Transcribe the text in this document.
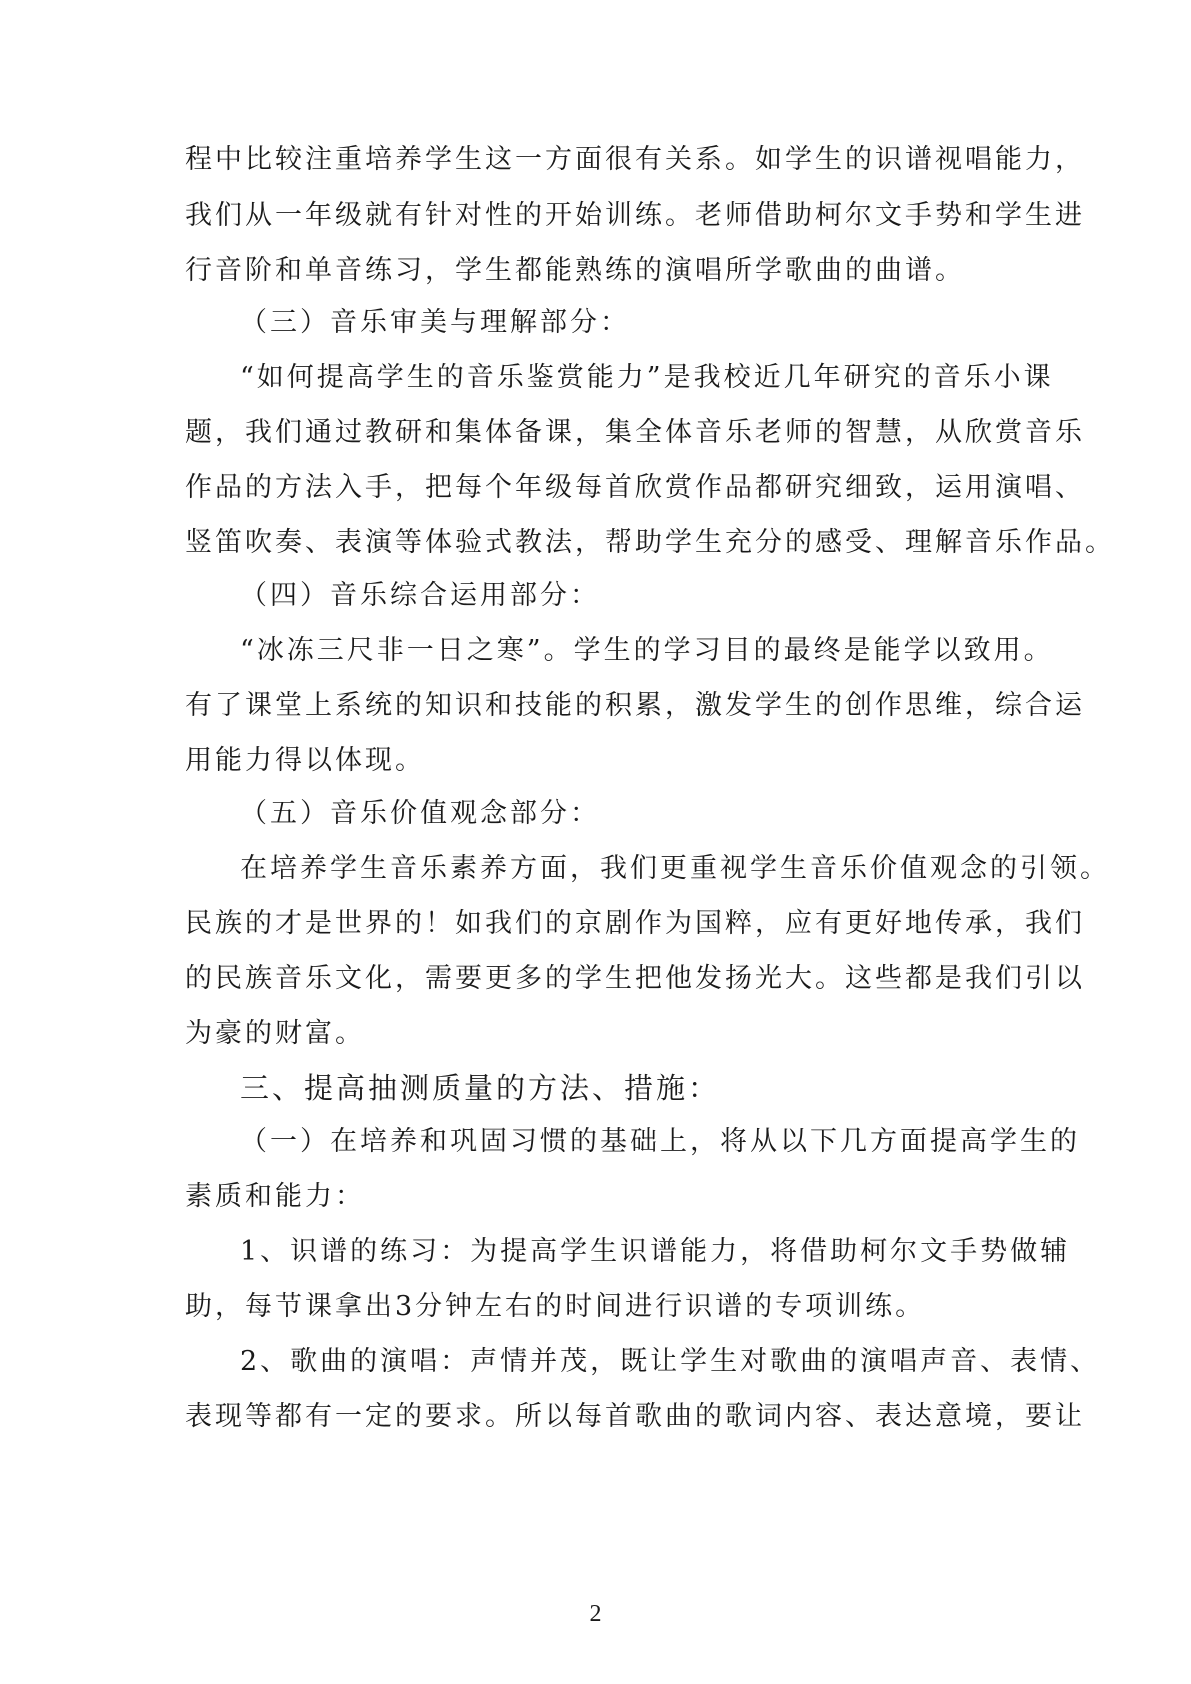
程中比较注重培养学生这一方面很有关系。如学生的识谱视唱能力，
我们从一年级就有针对性的开始训练。老师借助柯尔文手势和学生进
行音阶和单音练习，学生都能熟练的演唱所学歌曲的曲谱。
（三）音乐审美与理解部分：
“如何提高学生的音乐鉴赏能力”是我校近几年研究的音乐小课
题，我们通过教研和集体备课，集全体音乐老师的智慧，从欣赏音乐
作品的方法入手，把每个年级每首欣赏作品都研究细致，运用演唱、
竖笛吹奏、表演等体验式教法，帮助学生充分的感受、理解音乐作品。
（四）音乐综合运用部分：
“冰冻三尺非一日之寒”。学生的学习目的最终是能学以致用。
有了课堂上系统的知识和技能的积累，激发学生的创作思维，综合运
用能力得以体现。
（五）音乐价值观念部分：
在培养学生音乐素养方面，我们更重视学生音乐价值观念的引领。
民族的才是世界的！如我们的京剧作为国粹，应有更好地传承，我们
的民族音乐文化，需要更多的学生把他发扬光大。这些都是我们引以
为豪的财富。
三、提高抽测质量的方法、措施：
（一）在培养和巩固习惯的基础上，将从以下几方面提高学生的
素质和能力：
1、识谱的练习：为提高学生识谱能力，将借助柯尔文手势做辅
助，每节课拿出3分钟左右的时间进行识谱的专项训练。
2、歌曲的演唱：声情并茂，既让学生对歌曲的演唱声音、表情、
表现等都有一定的要求。所以每首歌曲的歌词内容、表达意境，要让
2
